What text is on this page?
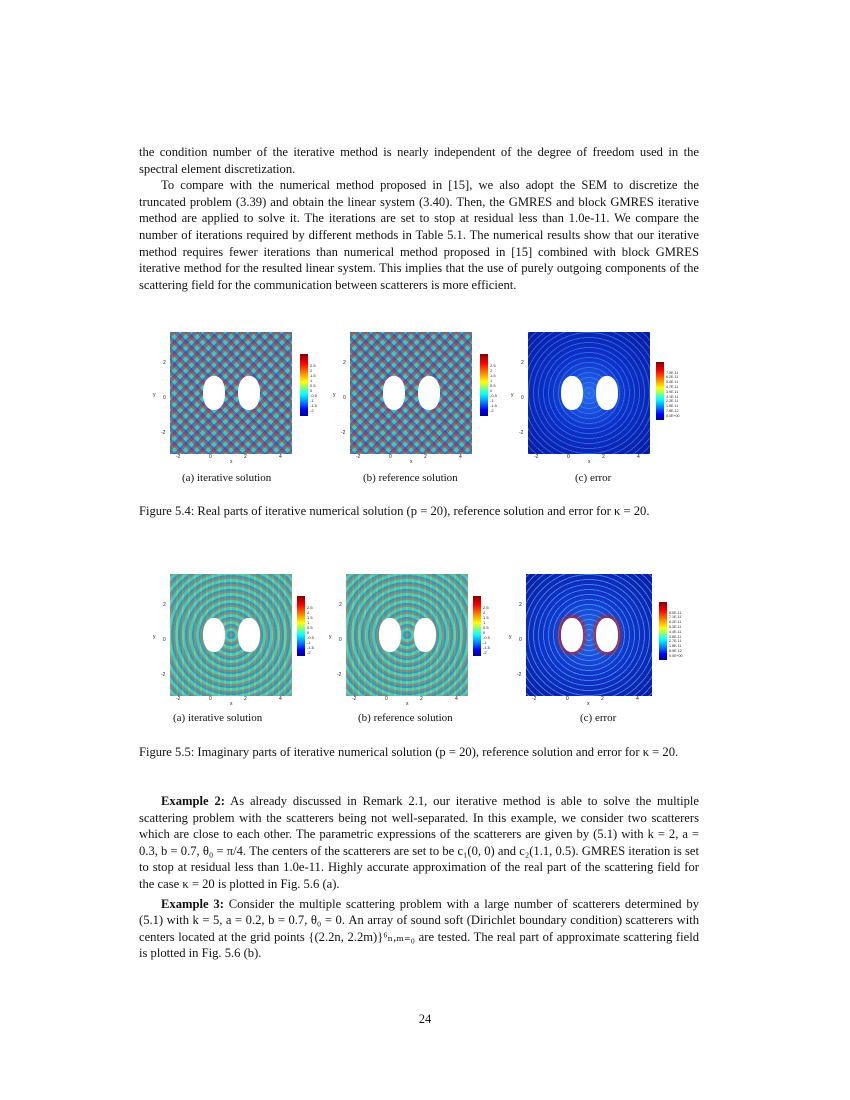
the condition number of the iterative method is nearly independent of the degree of freedom used in the spectral element discretization.

To compare with the numerical method proposed in [15], we also adopt the SEM to discretize the truncated problem (3.39) and obtain the linear system (3.40). Then, the GMRES and block GMRES iterative method are applied to solve it. The iterations are set to stop at residual less than 1.0e-11. We compare the number of iterations required by different methods in Table 5.1. The numerical results show that our iterative method requires fewer iterations than numerical method proposed in [15] combined with block GMRES iterative method for the resulted linear system. This implies that the use of purely outgoing components of the scattering field for the communication between scatterers is more efficient.

2.5
2
1.5
1
0.5
0
-0.5
-1
-1.5
-2

2
0
-2
y
-2	0	2	4
x
(a) iterative solution

2.5
2
1.5
1
0.5
0
-0.5
-1
-1.5
-2

2
0
-2
y
-2	0	2	4
x
(b) reference solution

7.0E-11
6.2E-11
5.4E-11
4.7E-11
3.9E-11
3.1E-11
2.3E-11
1.6E-11
7.8E-12
0.0E+00

2
0
-2
y
-2	0	2	4
x
(c) error
Figure 5.4: Real parts of iterative numerical solution (p = 20), reference solution and error for κ = 20.

2.5
2
1.5
1
0.5
0
-0.5
-1
-1.5
-2

2
0
-2
y
-2	0	2	4
x
(a) iterative solution

2.5
2
1.5
1
0.5
0
-0.5
-1
-1.5
-2

2
0
-2
y
-2	0	2	4
x
(b) reference solution

8.0E-11
7.1E-11
6.2E-11
5.3E-11
4.4E-11
3.6E-11
2.7E-11
1.8E-11
8.9E-12
0.0E+00

2
0
-2
y
-2	0	2	4
x
(c) error
Figure 5.5: Imaginary parts of iterative numerical solution (p = 20), reference solution and error for κ = 20.

Example 2: As already discussed in Remark 2.1, our iterative method is able to solve the multiple scattering problem with the scatterers being not well-separated. In this example, we consider two scatterers which are close to each other. The parametric expressions of the scatterers are given by (5.1) with k = 2, a = 0.3, b = 0.7, θ₀ = π/4. The centers of the scatterers are set to be c₁(0, 0) and c₂(1.1, 0.5). GMRES iteration is set to stop at residual less than 1.0e-11. Highly accurate approximation of the real part of the scattering field for the case κ = 20 is plotted in Fig. 5.6 (a).

Example 3: Consider the multiple scattering problem with a large number of scatterers determined by (5.1) with k = 5, a = 0.2, b = 0.7, θ₀ = 0. An array of sound soft (Dirichlet boundary condition) scatterers with centers located at the grid points {(2.2n, 2.2m)}⁶ₙ,ₘ₌₀ are tested. The real part of approximate scattering field is plotted in Fig. 5.6 (b).

24
